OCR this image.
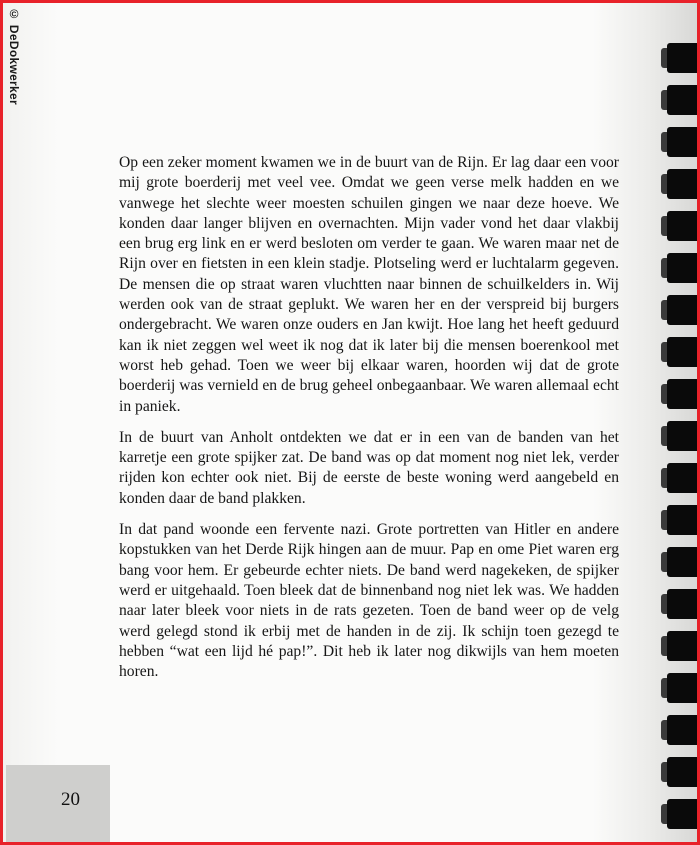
© DeDokwerker

Op een zeker moment kwamen we in de buurt van de Rijn. Er lag daar een voor mij grote boerderij met veel vee. Omdat we geen verse melk hadden en we vanwege het slechte weer moesten schuilen gingen we naar deze hoeve. We konden daar langer blijven en overnachten. Mijn vader vond het daar vlakbij een brug erg link en er werd besloten om verder te gaan. We waren maar net de Rijn over en fietsten in een klein stadje. Plotseling werd er luchtalarm gegeven. De mensen die op straat waren vluchtten naar binnen de schuilkelders in. Wij werden ook van de straat geplukt. We waren her en der verspreid bij burgers ondergebracht. We waren onze ouders en Jan kwijt. Hoe lang het heeft geduurd kan ik niet zeggen wel weet ik nog dat ik later bij die mensen boerenkool met worst heb gehad. Toen we weer bij elkaar waren, hoorden wij dat de grote boerderij was vernield en de brug geheel onbegaanbaar. We waren allemaal echt in paniek.

In de buurt van Anholt ontdekten we dat er in een van de banden van het karretje een grote spijker zat. De band was op dat moment nog niet lek, verder rijden kon echter ook niet. Bij de eerste de beste woning werd aangebeld en konden daar de band plakken.

In dat pand woonde een fervente nazi. Grote portretten van Hitler en andere kopstukken van het Derde Rijk hingen aan de muur. Pap en ome Piet waren erg bang voor hem. Er gebeurde echter niets. De band werd nagekeken, de spijker werd er uitgehaald. Toen bleek dat de binnenband nog niet lek was. We hadden naar later bleek voor niets in de rats gezeten. Toen de band weer op de velg werd gelegd stond ik erbij met de handen in de zij. Ik schijn toen gezegd te hebben “wat een lijd hé pap!”. Dit heb ik later nog dikwijls van hem moeten horen.

20
